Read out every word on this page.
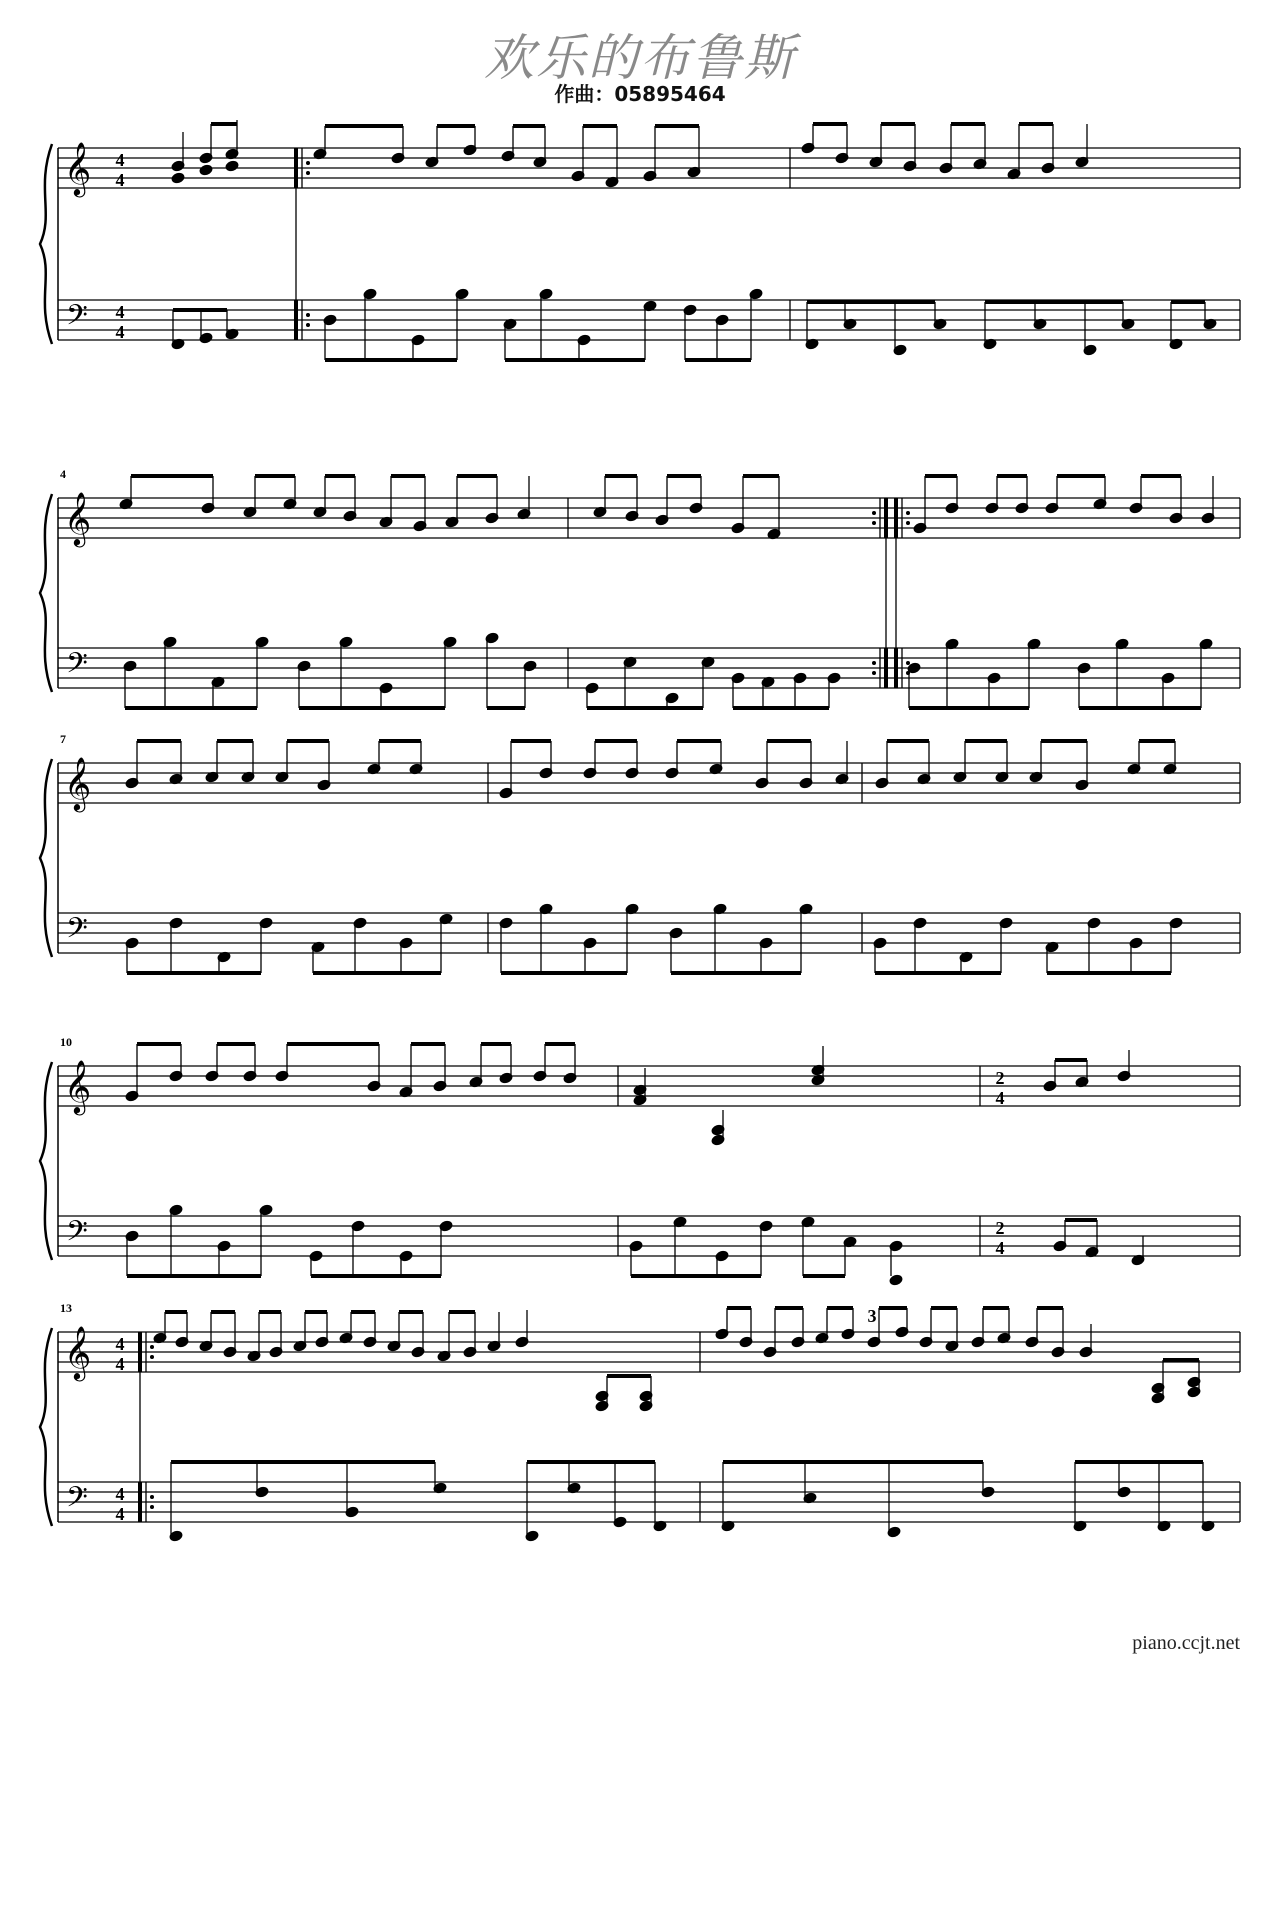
欢乐的布鲁斯
作曲：05895464
𝄞
𝄢
4
4
4
4
𝄞
𝄢
4
𝄞
𝄢
7
𝄞
𝄢
10
𝄞
𝄢
13
4
4
4
4
2
4
2
4
3
piano.ccjt.net
